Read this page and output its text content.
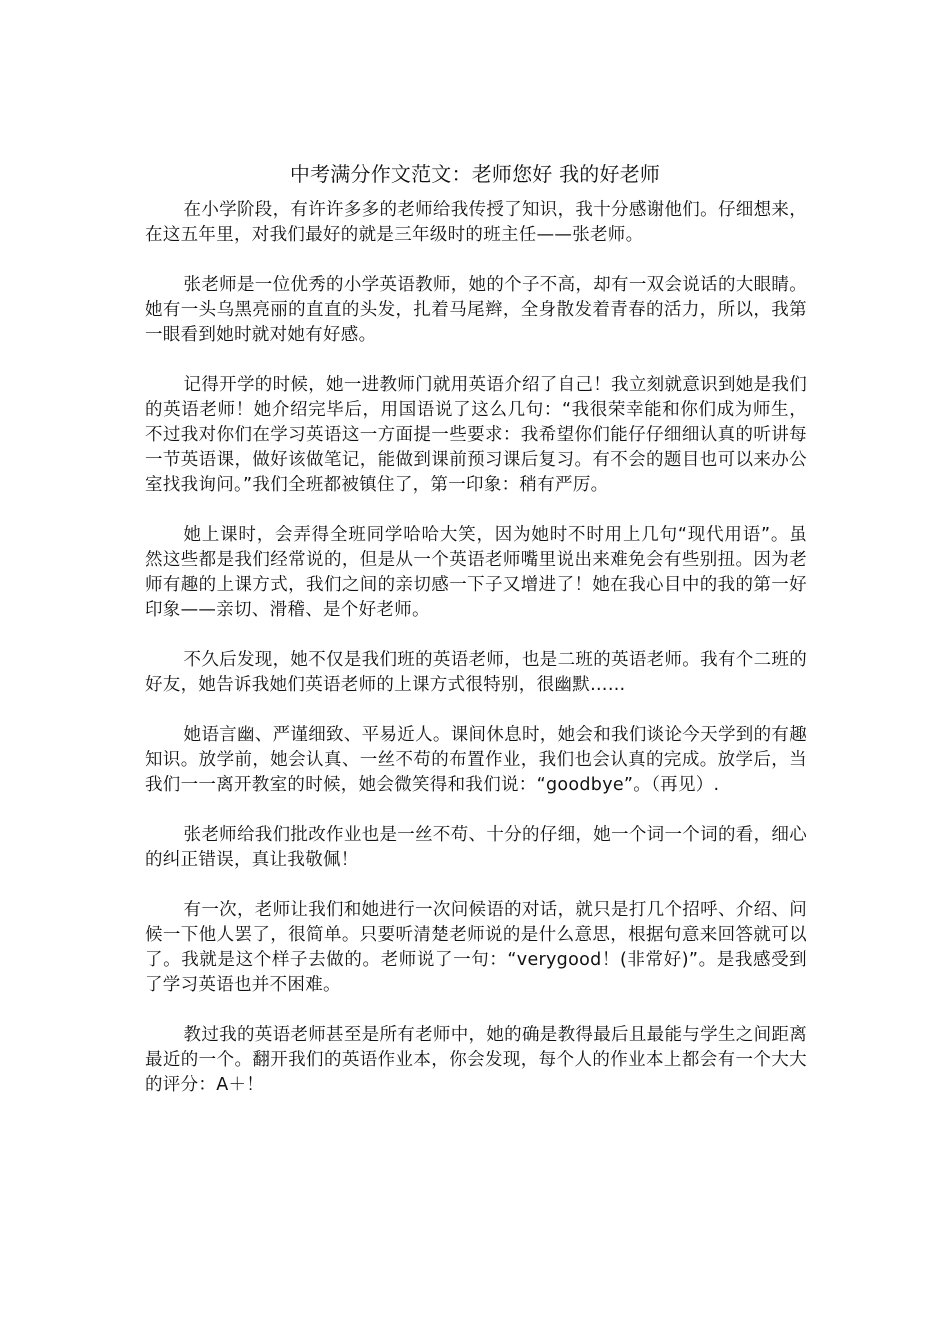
中考满分作文范文：老师您好 我的好老师

在小学阶段，有许许多多的老师给我传授了知识，我十分感谢他们。仔细想来，在这五年里，对我们最好的就是三年级时的班主任——张老师。

张老师是一位优秀的小学英语教师，她的个子不高，却有一双会说话的大眼睛。她有一头乌黑亮丽的直直的头发，扎着马尾辫，全身散发着青春的活力，所以，我第一眼看到她时就对她有好感。

记得开学的时候，她一进教师门就用英语介绍了自己！我立刻就意识到她是我们的英语老师！她介绍完毕后，用国语说了这么几句：“我很荣幸能和你们成为师生，不过我对你们在学习英语这一方面提一些要求：我希望你们能仔仔细细认真的听讲每一节英语课，做好该做笔记，能做到课前预习课后复习。有不会的题目也可以来办公室找我询问。”我们全班都被镇住了，第一印象：稍有严厉。

她上课时，会弄得全班同学哈哈大笑，因为她时不时用上几句“现代用语”。虽然这些都是我们经常说的，但是从一个英语老师嘴里说出来难免会有些别扭。因为老师有趣的上课方式，我们之间的亲切感一下子又增进了！她在我心目中的我的第一好印象——亲切、滑稽、是个好老师。

不久后发现，她不仅是我们班的英语老师，也是二班的英语老师。我有个二班的好友，她告诉我她们英语老师的上课方式很特别，很幽默……

她语言幽、严谨细致、平易近人。课间休息时，她会和我们谈论今天学到的有趣知识。放学前，她会认真、一丝不苟的布置作业，我们也会认真的完成。放学后，当我们一一离开教室的时候，她会微笑得和我们说：“goodbye”。（再见）.

张老师给我们批改作业也是一丝不苟、十分的仔细，她一个词一个词的看，细心的纠正错误，真让我敬佩！

有一次，老师让我们和她进行一次问候语的对话，就只是打几个招呼、介绍、问候一下他人罢了，很简单。只要听清楚老师说的是什么意思，根据句意来回答就可以了。我就是这个样子去做的。老师说了一句：“verygood！(非常好)”。是我感受到了学习英语也并不困难。

教过我的英语老师甚至是所有老师中，她的确是教得最后且最能与学生之间距离最近的一个。翻开我们的英语作业本，你会发现，每个人的作业本上都会有一个大大的评分：A＋！
